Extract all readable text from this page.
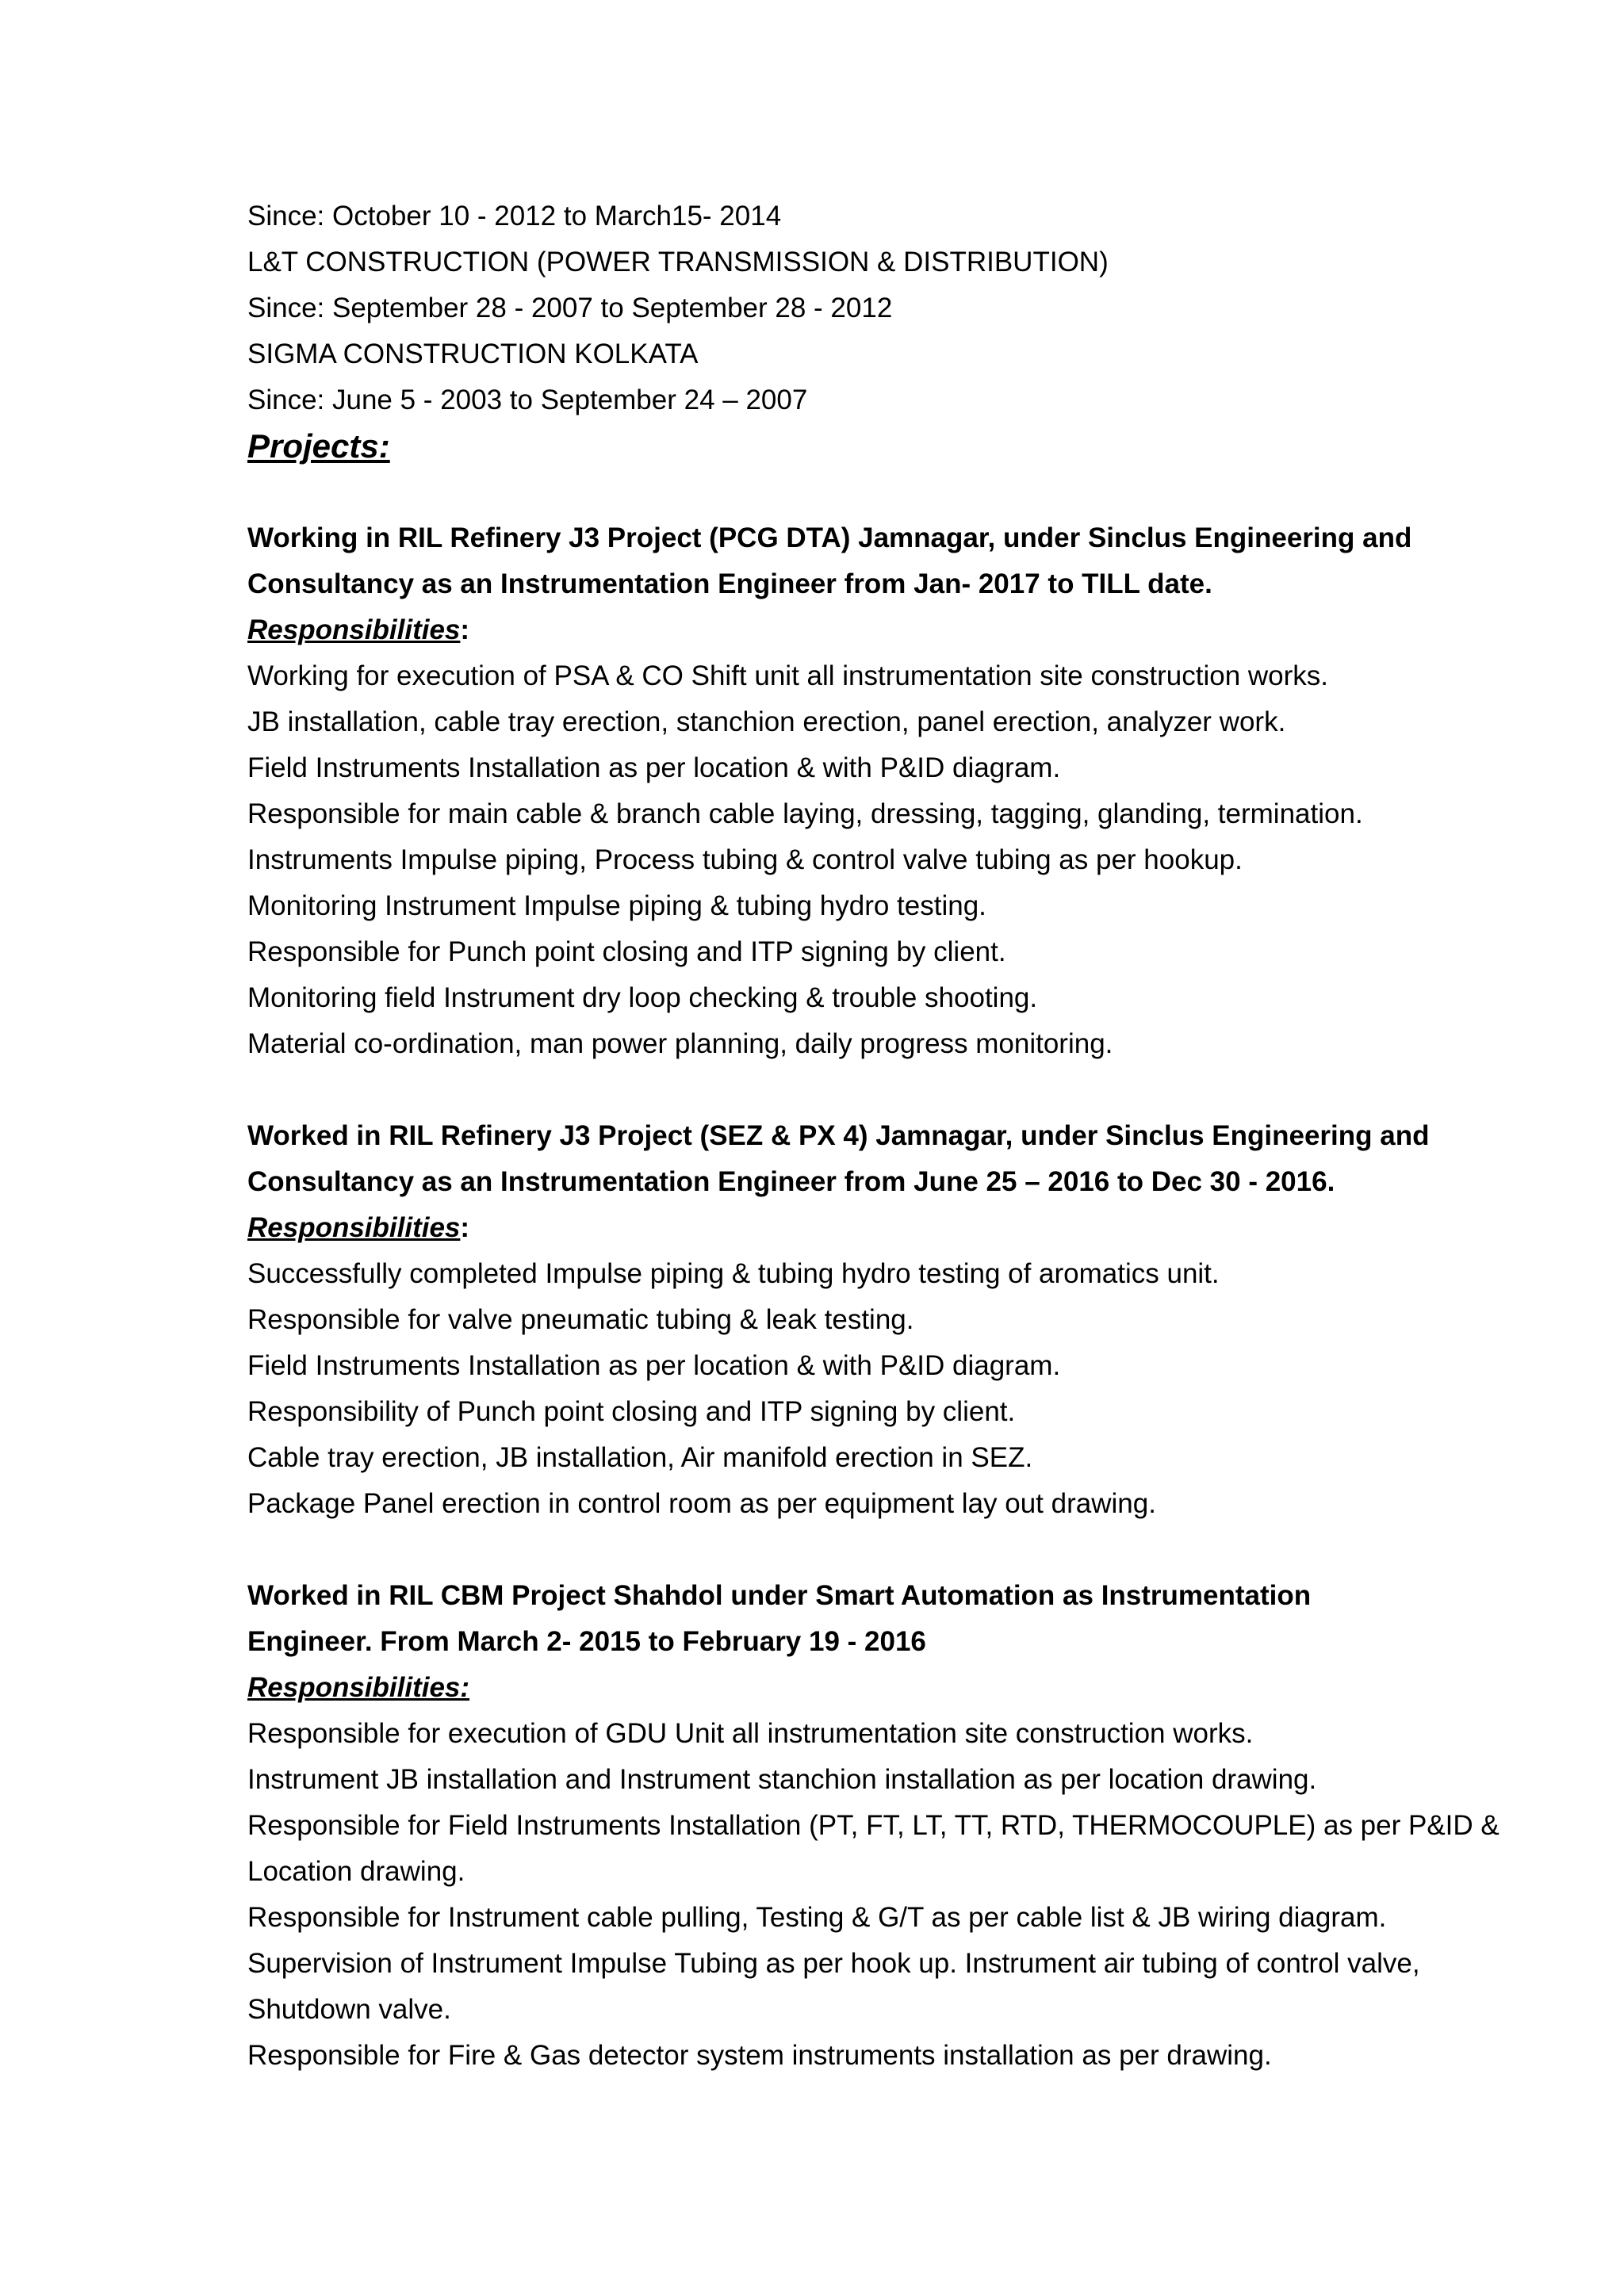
Since: October 10 - 2012 to March15- 2014
L&T CONSTRUCTION (POWER TRANSMISSION & DISTRIBUTION)
Since: September 28 - 2007 to September 28 - 2012
SIGMA CONSTRUCTION KOLKATA
Since: June 5 - 2003 to September 24 – 2007
Projects:
Working in RIL Refinery J3 Project (PCG DTA) Jamnagar, under Sinclus Engineering and
Consultancy as an Instrumentation Engineer from Jan- 2017 to TILL date.
Responsibilities:
Working for execution of PSA & CO Shift unit all instrumentation site construction works.
JB installation, cable tray erection, stanchion erection, panel erection, analyzer work.
Field Instruments Installation as per location & with P&ID diagram.
Responsible for main cable & branch cable laying, dressing, tagging, glanding, termination.
Instruments Impulse piping, Process tubing & control valve tubing as per hookup.
Monitoring Instrument Impulse piping & tubing hydro testing.
Responsible for Punch point closing and ITP signing by client.
Monitoring field Instrument dry loop checking & trouble shooting.
Material co-ordination, man power planning, daily progress monitoring.
Worked in RIL Refinery J3 Project (SEZ & PX 4) Jamnagar, under Sinclus Engineering and
Consultancy as an Instrumentation Engineer from June 25 – 2016 to Dec 30 - 2016.
Responsibilities:
Successfully completed Impulse piping & tubing hydro testing of aromatics unit.
Responsible for valve pneumatic tubing & leak testing.
Field Instruments Installation as per location & with P&ID diagram.
Responsibility of Punch point closing and ITP signing by client.
Cable tray erection, JB installation, Air manifold erection in SEZ.
Package Panel erection in control room as per equipment lay out drawing.
Worked in RIL CBM Project Shahdol under Smart Automation as Instrumentation
Engineer. From March 2- 2015 to February 19 - 2016
Responsibilities:
Responsible for execution of GDU Unit all instrumentation site construction works.
Instrument JB installation and Instrument stanchion installation as per location drawing.
Responsible for Field Instruments Installation (PT, FT, LT, TT, RTD, THERMOCOUPLE) as per P&ID & Location drawing.
Responsible for Instrument cable pulling, Testing & G/T as per cable list & JB wiring diagram.
Supervision of Instrument Impulse Tubing as per hook up. Instrument air tubing of control valve, Shutdown valve.
Responsible for Fire & Gas detector system instruments installation as per drawing.
